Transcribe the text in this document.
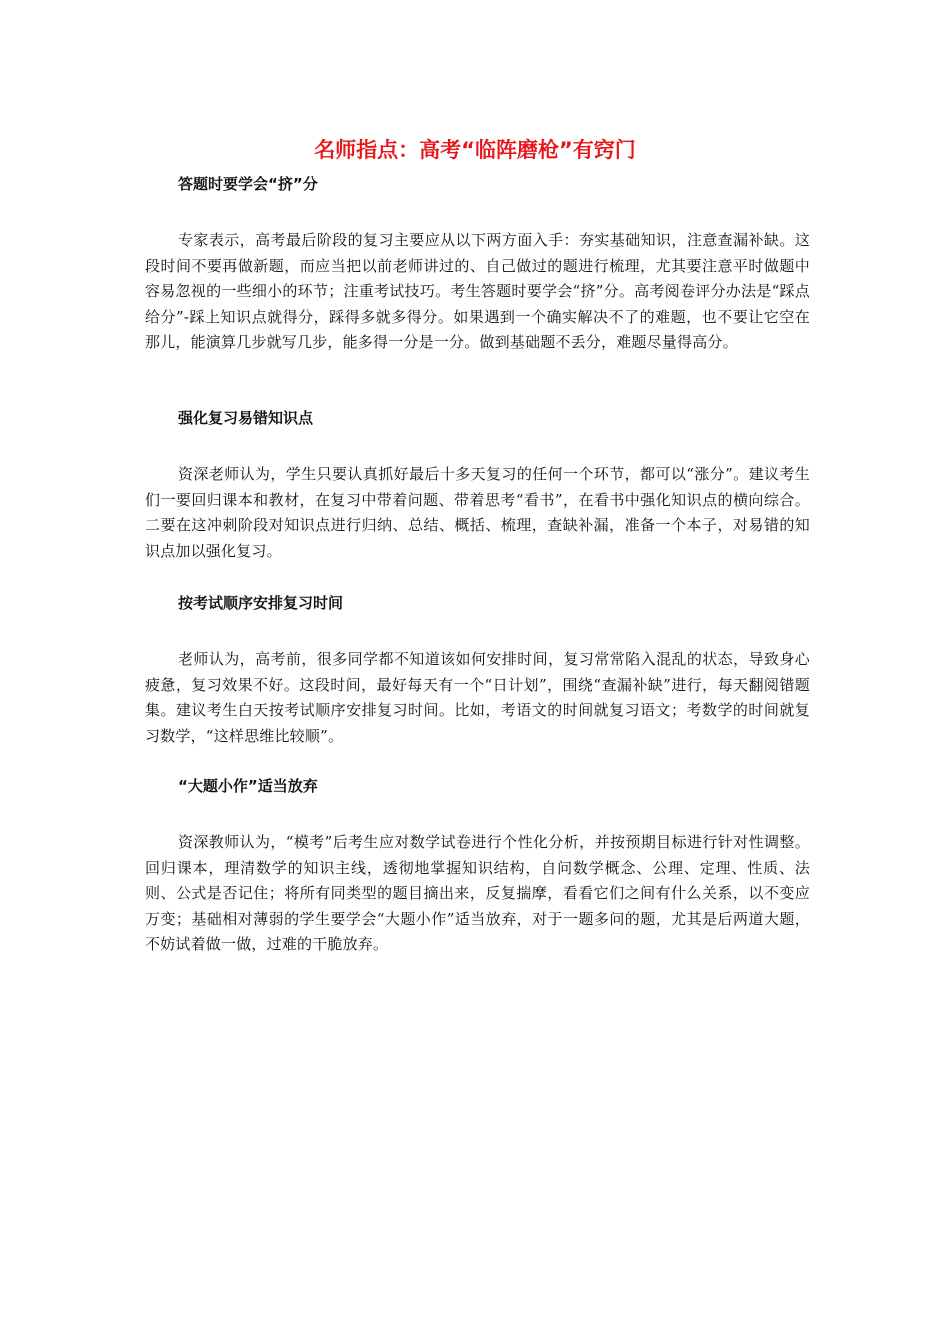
名师指点：高考“临阵磨枪”有窍门
答题时要学会“挤”分

专家表示，高考最后阶段的复习主要应从以下两方面入手：夯实基础知识，注意查漏补缺。这段时间不要再做新题，而应当把以前老师讲过的、自己做过的题进行梳理，尤其要注意平时做题中容易忽视的一些细小的环节；注重考试技巧。考生答题时要学会“挤”分。高考阅卷评分办法是“踩点给分”-踩上知识点就得分，踩得多就多得分。如果遇到一个确实解决不了的难题，也不要让它空在那儿，能演算几步就写几步，能多得一分是一分。做到基础题不丢分，难题尽量得高分。

强化复习易错知识点

资深老师认为，学生只要认真抓好最后十多天复习的任何一个环节，都可以“涨分”。建议考生们一要回归课本和教材，在复习中带着问题、带着思考“看书”，在看书中强化知识点的横向综合。二要在这冲刺阶段对知识点进行归纳、总结、概括、梳理，查缺补漏，准备一个本子，对易错的知识点加以强化复习。

按考试顺序安排复习时间

老师认为，高考前，很多同学都不知道该如何安排时间，复习常常陷入混乱的状态，导致身心疲惫，复习效果不好。这段时间，最好每天有一个“日计划”，围绕“查漏补缺”进行，每天翻阅错题集。建议考生白天按考试顺序安排复习时间。比如，考语文的时间就复习语文；考数学的时间就复习数学，“这样思维比较顺”。

“大题小作”适当放弃

资深教师认为，“模考”后考生应对数学试卷进行个性化分析，并按预期目标进行针对性调整。回归课本，理清数学的知识主线，透彻地掌握知识结构，自问数学概念、公理、定理、性质、法则、公式是否记住；将所有同类型的题目摘出来，反复揣摩，看看它们之间有什么关系，以不变应万变；基础相对薄弱的学生要学会“大题小作”适当放弃，对于一题多问的题，尤其是后两道大题，不妨试着做一做，过难的干脆放弃。
